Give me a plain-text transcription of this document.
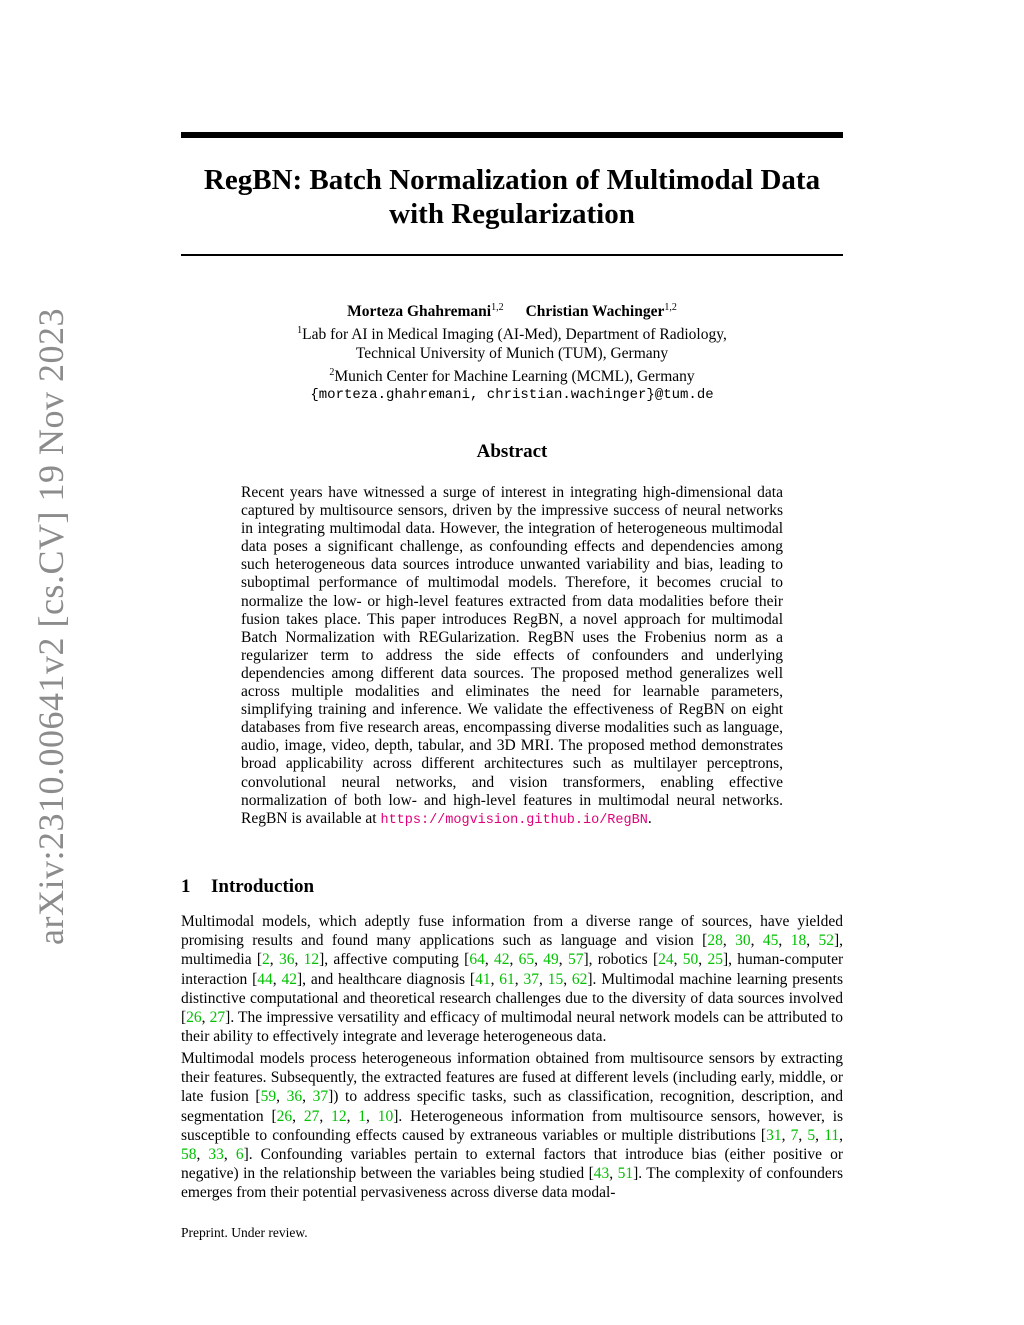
arXiv:2310.00641v2 [cs.CV] 19 Nov 2023
RegBN: Batch Normalization of Multimodal Data with Regularization
Morteza Ghahremani$^{1,2}$ Christian Wachinger$^{1,2}$
$^1$Lab for AI in Medical Imaging (AI-Med), Department of Radiology,
Technical University of Munich (TUM), Germany
$^2$Munich Center for Machine Learning (MCML), Germany
{morteza.ghahremani, christian.wachinger}@tum.de
Abstract
Recent years have witnessed a surge of interest in integrating high-dimensional data captured by multisource sensors, driven by the impressive success of neural networks in integrating multimodal data. However, the integration of heterogeneous multimodal data poses a significant challenge, as confounding effects and dependencies among such heterogeneous data sources introduce unwanted variability and bias, leading to suboptimal performance of multimodal models. Therefore, it becomes crucial to normalize the low- or high-level features extracted from data modalities before their fusion takes place. This paper introduces RegBN, a novel approach for multimodal Batch Normalization with REGularization. RegBN uses the Frobenius norm as a regularizer term to address the side effects of confounders and underlying dependencies among different data sources. The proposed method generalizes well across multiple modalities and eliminates the need for learnable parameters, simplifying training and inference. We validate the effectiveness of RegBN on eight databases from five research areas, encompassing diverse modalities such as language, audio, image, video, depth, tabular, and 3D MRI. The proposed method demonstrates broad applicability across different architectures such as multilayer perceptrons, convolutional neural networks, and vision transformers, enabling effective normalization of both low- and high-level features in multimodal neural networks. RegBN is available at https://mogvision.github.io/RegBN.
1 Introduction
Multimodal models, which adeptly fuse information from a diverse range of sources, have yielded promising results and found many applications such as language and vision [28, 30, 45, 18, 52], multimedia [2, 36, 12], affective computing [64, 42, 65, 49, 57], robotics [24, 50, 25], human-computer interaction [44, 42], and healthcare diagnosis [41, 61, 37, 15, 62]. Multimodal machine learning presents distinctive computational and theoretical research challenges due to the diversity of data sources involved [26, 27]. The impressive versatility and efficacy of multimodal neural network models can be attributed to their ability to effectively integrate and leverage heterogeneous data.
Multimodal models process heterogeneous information obtained from multisource sensors by extracting their features. Subsequently, the extracted features are fused at different levels (including early, middle, or late fusion [59, 36, 37]) to address specific tasks, such as classification, recognition, description, and segmentation [26, 27, 12, 1, 10]. Heterogeneous information from multisource sensors, however, is susceptible to confounding effects caused by extraneous variables or multiple distributions [31, 7, 5, 11, 58, 33, 6]. Confounding variables pertain to external factors that introduce bias (either positive or negative) in the relationship between the variables being studied [43, 51]. The complexity of confounders emerges from their potential pervasiveness across diverse data modal-
Preprint. Under review.
